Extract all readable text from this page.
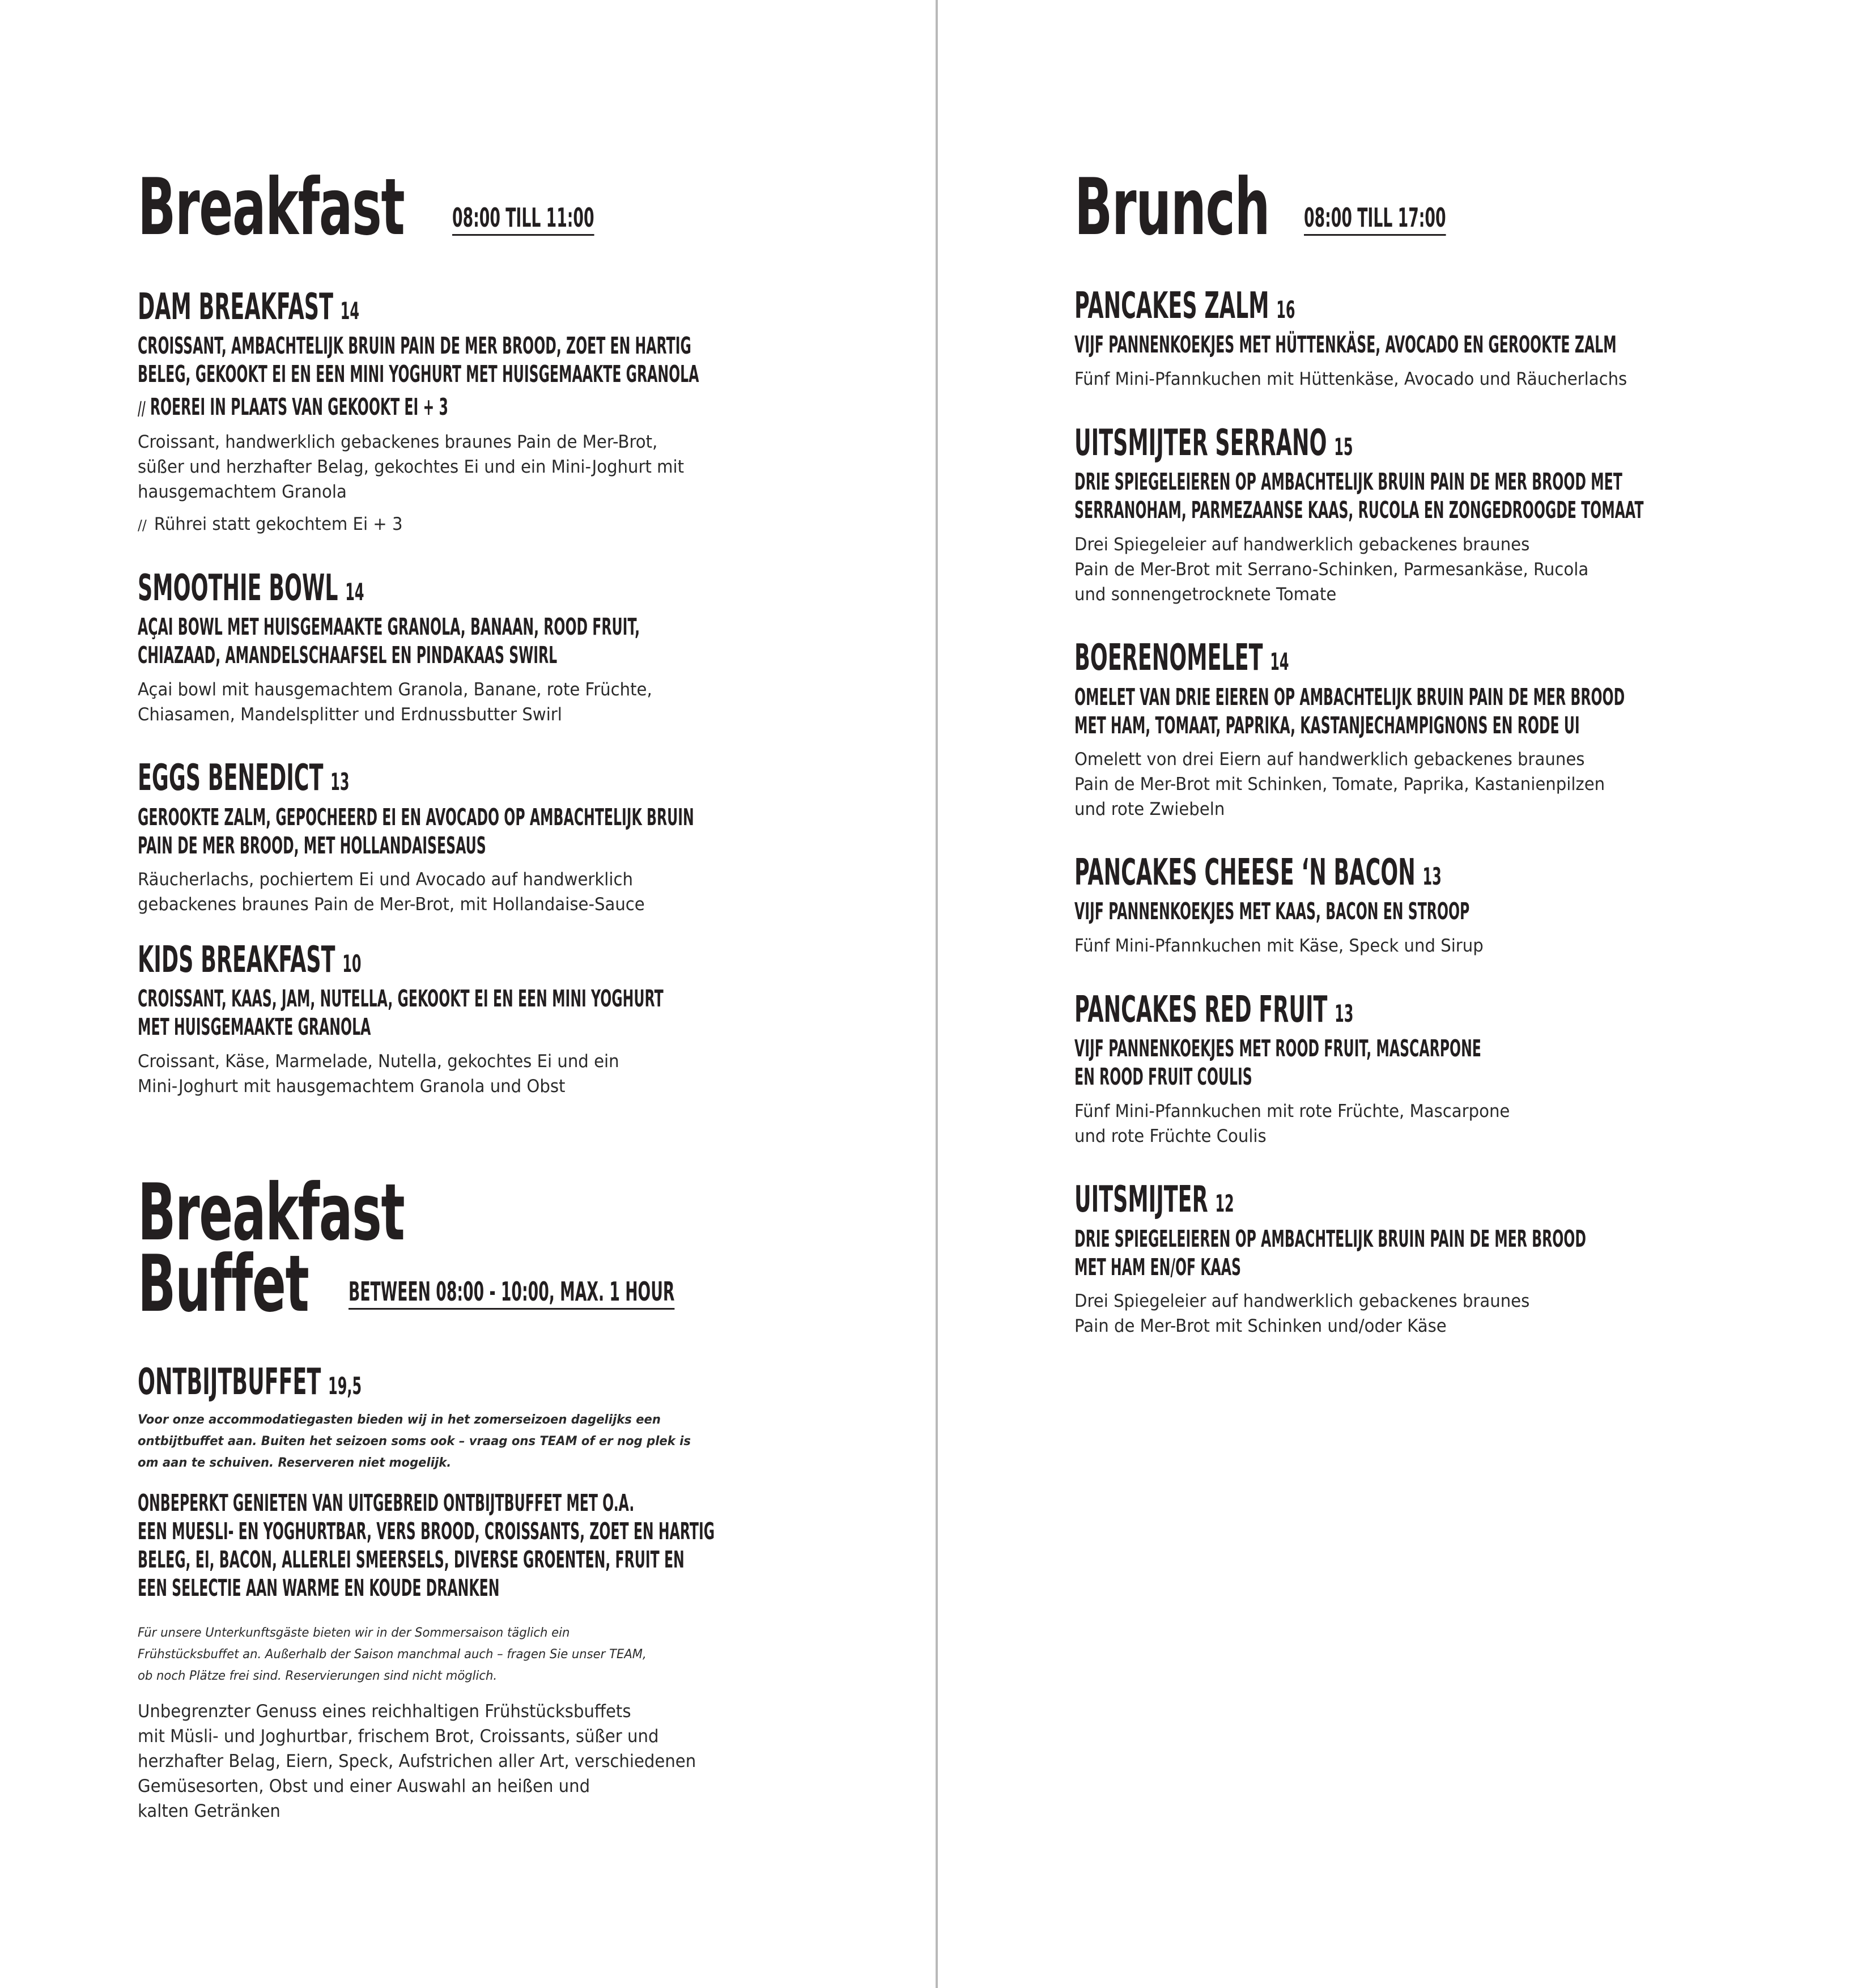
Breakfast 08:00 TILL 11:00
DAM BREAKFAST 14
CROISSANT, AMBACHTELIJK BRUIN PAIN DE MER BROOD, ZOET EN HARTIG
BELEG, GEKOOKT EI EN EEN MINI YOGHURT MET HUISGEMAAKTE GRANOLA
// ROEREI IN PLAATS VAN GEKOOKT EI + 3
Croissant, handwerklich gebackenes braunes Pain de Mer-Brot,
süßer und herzhafter Belag, gekochtes Ei und ein Mini-Joghurt mit
hausgemachtem Granola
// Rührei statt gekochtem Ei + 3
SMOOTHIE BOWL 14
AÇAI BOWL MET HUISGEMAAKTE GRANOLA, BANAAN, ROOD FRUIT,
CHIAZAAD, AMANDELSCHAAFSEL EN PINDAKAAS SWIRL
Açai bowl mit hausgemachtem Granola, Banane, rote Früchte,
Chiasamen, Mandelsplitter und Erdnussbutter Swirl
EGGS BENEDICT 13
GEROOKTE ZALM, GEPOCHEERD EI EN AVOCADO OP AMBACHTELIJK BRUIN
PAIN DE MER BROOD, MET HOLLANDAISESAUS
Räucherlachs, pochiertem Ei und Avocado auf handwerklich
gebackenes braunes Pain de Mer-Brot, mit Hollandaise-Sauce
KIDS BREAKFAST 10
CROISSANT, KAAS, JAM, NUTELLA, GEKOOKT EI EN EEN MINI YOGHURT
MET HUISGEMAAKTE GRANOLA
Croissant, Käse, Marmelade, Nutella, gekochtes Ei und ein
Mini-Joghurt mit hausgemachtem Granola und Obst
Breakfast
Buffet BETWEEN 08:00 - 10:00, MAX. 1 HOUR
ONTBIJTBUFFET 19,5
Voor onze accommodatiegasten bieden wij in het zomerseizoen dagelijks een
ontbijtbuffet aan. Buiten het seizoen soms ook – vraag ons TEAM of er nog plek is
om aan te schuiven. Reserveren niet mogelijk.
ONBEPERKT GENIETEN VAN UITGEBREID ONTBIJTBUFFET MET O.A.
EEN MUESLI- EN YOGHURTBAR, VERS BROOD, CROISSANTS, ZOET EN HARTIG
BELEG, EI, BACON, ALLERLEI SMEERSELS, DIVERSE GROENTEN, FRUIT EN
EEN SELECTIE AAN WARME EN KOUDE DRANKEN
Für unsere Unterkunftsgäste bieten wir in der Sommersaison täglich ein
Frühstücksbuffet an. Außerhalb der Saison manchmal auch – fragen Sie unser TEAM,
ob noch Plätze frei sind. Reservierungen sind nicht möglich.
Unbegrenzter Genuss eines reichhaltigen Frühstücksbuffets
mit Müsli- und Joghurtbar, frischem Brot, Croissants, süßer und
herzhafter Belag, Eiern, Speck, Aufstrichen aller Art, verschiedenen
Gemüsesorten, Obst und einer Auswahl an heißen und
kalten Getränken
Brunch 08:00 TILL 17:00
PANCAKES ZALM 16
VIJF PANNENKOEKJES MET HÜTTENKÄSE, AVOCADO EN GEROOKTE ZALM
Fünf Mini-Pfannkuchen mit Hüttenkäse, Avocado und Räucherlachs
UITSMIJTER SERRANO 15
DRIE SPIEGELEIEREN OP AMBACHTELIJK BRUIN PAIN DE MER BROOD MET
SERRANOHAM, PARMEZAANSE KAAS, RUCOLA EN ZONGEDROOGDE TOMAAT
Drei Spiegeleier auf handwerklich gebackenes braunes
Pain de Mer-Brot mit Serrano-Schinken, Parmesankäse, Rucola
und sonnengetrocknete Tomate
BOERENOMELET 14
OMELET VAN DRIE EIEREN OP AMBACHTELIJK BRUIN PAIN DE MER BROOD
MET HAM, TOMAAT, PAPRIKA, KASTANJECHAMPIGNONS EN RODE UI
Omelett von drei Eiern auf handwerklich gebackenes braunes
Pain de Mer-Brot mit Schinken, Tomate, Paprika, Kastanienpilzen
und rote Zwiebeln
PANCAKES CHEESE ‘N BACON 13
VIJF PANNENKOEKJES MET KAAS, BACON EN STROOP
Fünf Mini-Pfannkuchen mit Käse, Speck und Sirup
PANCAKES RED FRUIT 13
VIJF PANNENKOEKJES MET ROOD FRUIT, MASCARPONE
EN ROOD FRUIT COULIS
Fünf Mini-Pfannkuchen mit rote Früchte, Mascarpone
und rote Früchte Coulis
UITSMIJTER 12
DRIE SPIEGELEIEREN OP AMBACHTELIJK BRUIN PAIN DE MER BROOD
MET HAM EN/OF KAAS
Drei Spiegeleier auf handwerklich gebackenes braunes
Pain de Mer-Brot mit Schinken und/oder Käse
